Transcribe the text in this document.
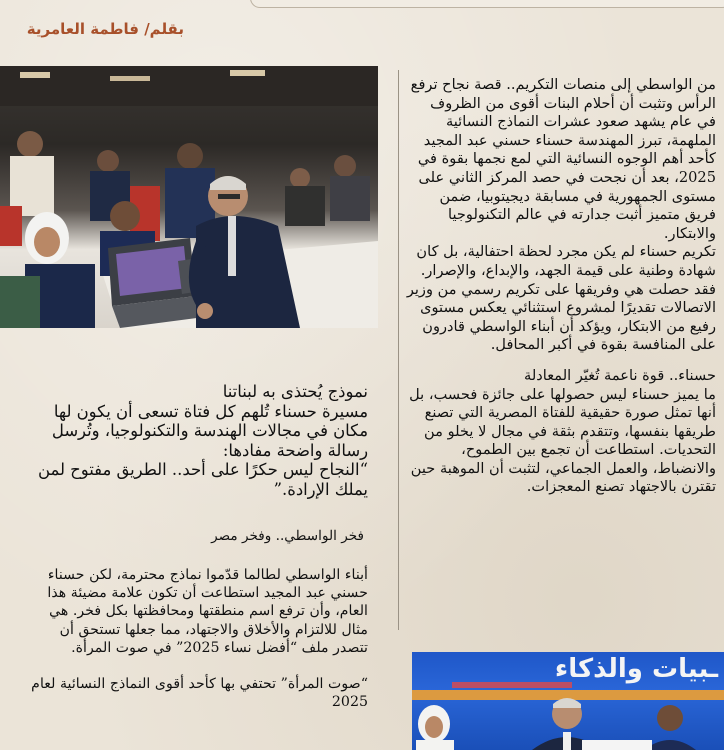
بقلم/ فاطمة العامرية

من الواسطي إلى منصات التكريم.. قصة نجاح ترفع الرأس وتثبت أن أحلام البنات أقوى من الظروف
في عام يشهد صعود عشرات النماذج النسائية الملهمة، تبرز المهندسة حسناء حسني عبد المجيد كأحد أهم الوجوه النسائية التي لمع نجمها بقوة في 2025، بعد أن نجحت في حصد المركز الثاني على مستوى الجمهورية في مسابقة ديجيتوبيا، ضمن فريق متميز أثبت جدارته في عالم التكنولوجيا والابتكار.
تكريم حسناء لم يكن مجرد لحظة احتفالية، بل كان شهادة وطنية على قيمة الجهد، والإبداع، والإصرار. فقد حصلت هي وفريقها على تكريم رسمي من وزير الاتصالات تقديرًا لمشروع استثنائي يعكس مستوى رفيع من الابتكار، ويؤكد أن أبناء الواسطي قادرون على المنافسة بقوة في أكبر المحافل.

حسناء.. قوة ناعمة تُغيّر المعادلة
ما يميز حسناء ليس حصولها على جائزة فحسب، بل أنها تمثل صورة حقيقية للفتاة المصرية التي تصنع طريقها بنفسها، وتتقدم بثقة في مجال لا يخلو من التحديات. استطاعت أن تجمع بين الطموح، والانضباط، والعمل الجماعي، لتثبت أن الموهبة حين تقترن بالاجتهاد تصنع المعجزات.

نموذج يُحتذى به لبناتنا
مسيرة حسناء تُلهم كل فتاة تسعى أن يكون لها مكان في مجالات الهندسة والتكنولوجيا، وتُرسل رسالة واضحة مفادها:
“النجاح ليس حكرًا على أحد.. الطريق مفتوح لمن يملك الإرادة.”

فخر الواسطي.. وفخر مصر

أبناء الواسطي لطالما قدّموا نماذج محترمة، لكن حسناء حسني عبد المجيد استطاعت أن تكون علامة مضيئة هذا العام، وأن ترفع اسم منطقتها ومحافظتها بكل فخر. هي مثال للالتزام والأخلاق والاجتهاد، مما جعلها تستحق أن تتصدر ملف “أفضل نساء 2025” في صوت المرأة.

“صوت المرأة” تحتفي بها كأحد أقوى النماذج النسائية لعام 2025

ـبيات والذكاء
